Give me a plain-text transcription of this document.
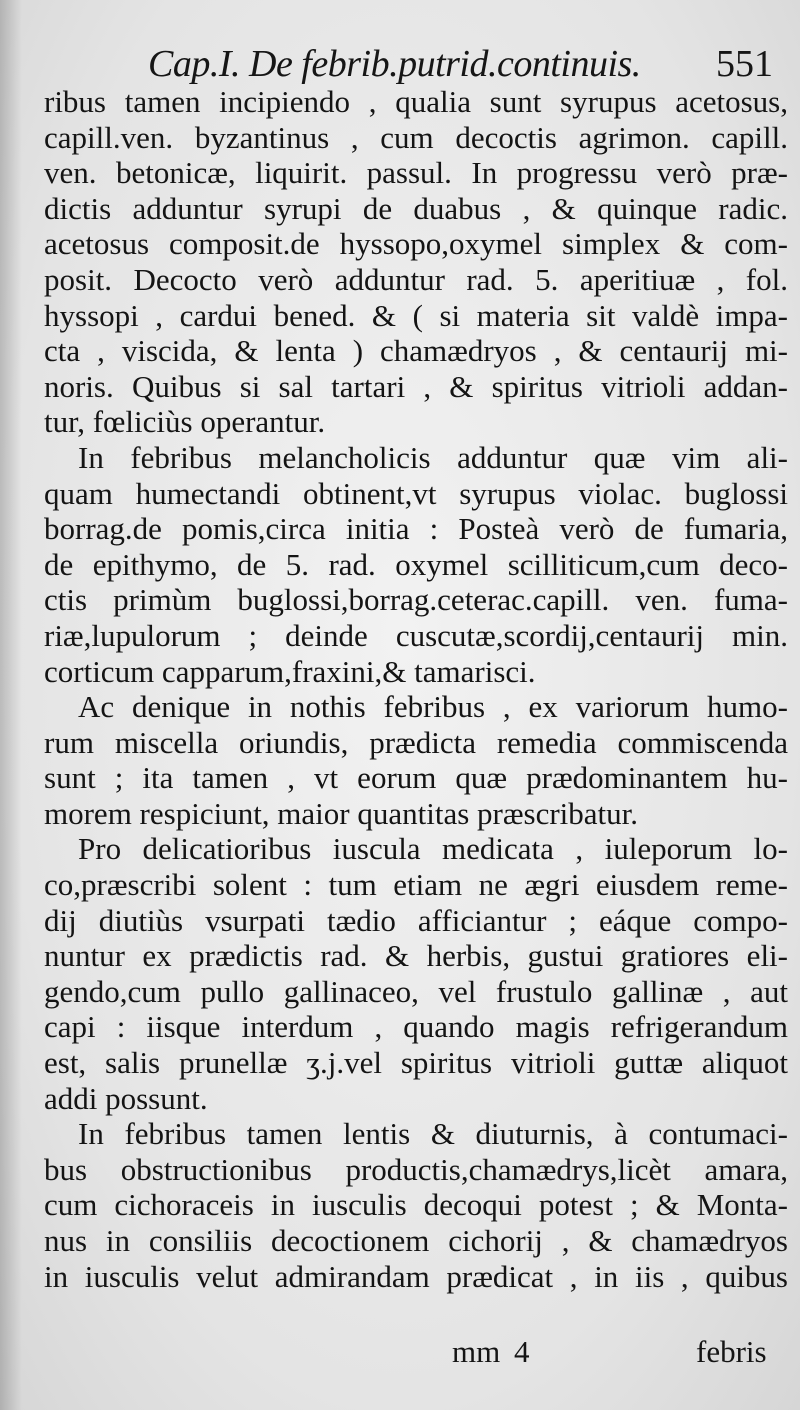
Cap.I. De febrib.putrid.continuis. 551
ribus tamen incipiendo , qualia sunt syrupus acetosus,
capill.ven. byzantinus , cum decoctis agrimon. capill.
ven. betonicæ, liquirit. passul. In progressu verò præ-
dictis adduntur syrupi de duabus , & quinque radic.
acetosus composit.de hyssopo,oxymel simplex & com-
posit. Decocto verò adduntur rad. 5. aperitiuæ , fol.
hyssopi , cardui bened. & ( si materia sit valdè impa-
cta , viscida, & lenta ) chamædryos , & centaurij mi-
noris. Quibus si sal tartari , & spiritus vitrioli addan-
tur, fœliciùs operantur.
In febribus melancholicis adduntur quæ vim ali-
quam humectandi obtinent,vt syrupus violac. buglossi
borrag.de pomis,circa initia : Posteà verò de fumaria,
de epithymo, de 5. rad. oxymel scilliticum,cum deco-
ctis primùm buglossi,borrag.ceterac.capill. ven. fuma-
riæ,lupulorum ; deinde cuscutæ,scordij,centaurij min.
corticum capparum,fraxini,& tamarisci.
Ac denique in nothis febribus , ex variorum humo-
rum miscella oriundis, prædicta remedia commiscenda
sunt ; ita tamen , vt eorum quæ prædominantem hu-
morem respiciunt, maior quantitas præscribatur.
Pro delicatioribus iuscula medicata , iuleporum lo-
co,præscribi solent : tum etiam ne ægri eiusdem reme-
dij diutiùs vsurpati tædio afficiantur ; eáque compo-
nuntur ex prædictis rad. & herbis, gustui gratiores eli-
gendo,cum pullo gallinaceo, vel frustulo gallinæ , aut
capi : iisque interdum , quando magis refrigerandum
est, salis prunellæ ʒ.j.vel spiritus vitrioli guttæ aliquot
addi possunt.
In febribus tamen lentis & diuturnis, à contumaci-
bus obstructionibus productis,chamædrys,licèt amara,
cum cichoraceis in iusculis decoqui potest ; & Monta-
nus in consiliis decoctionem cichorij , & chamædryos
in iusculis velut admirandam prædicat , in iis , quibus
mm 4	febris
